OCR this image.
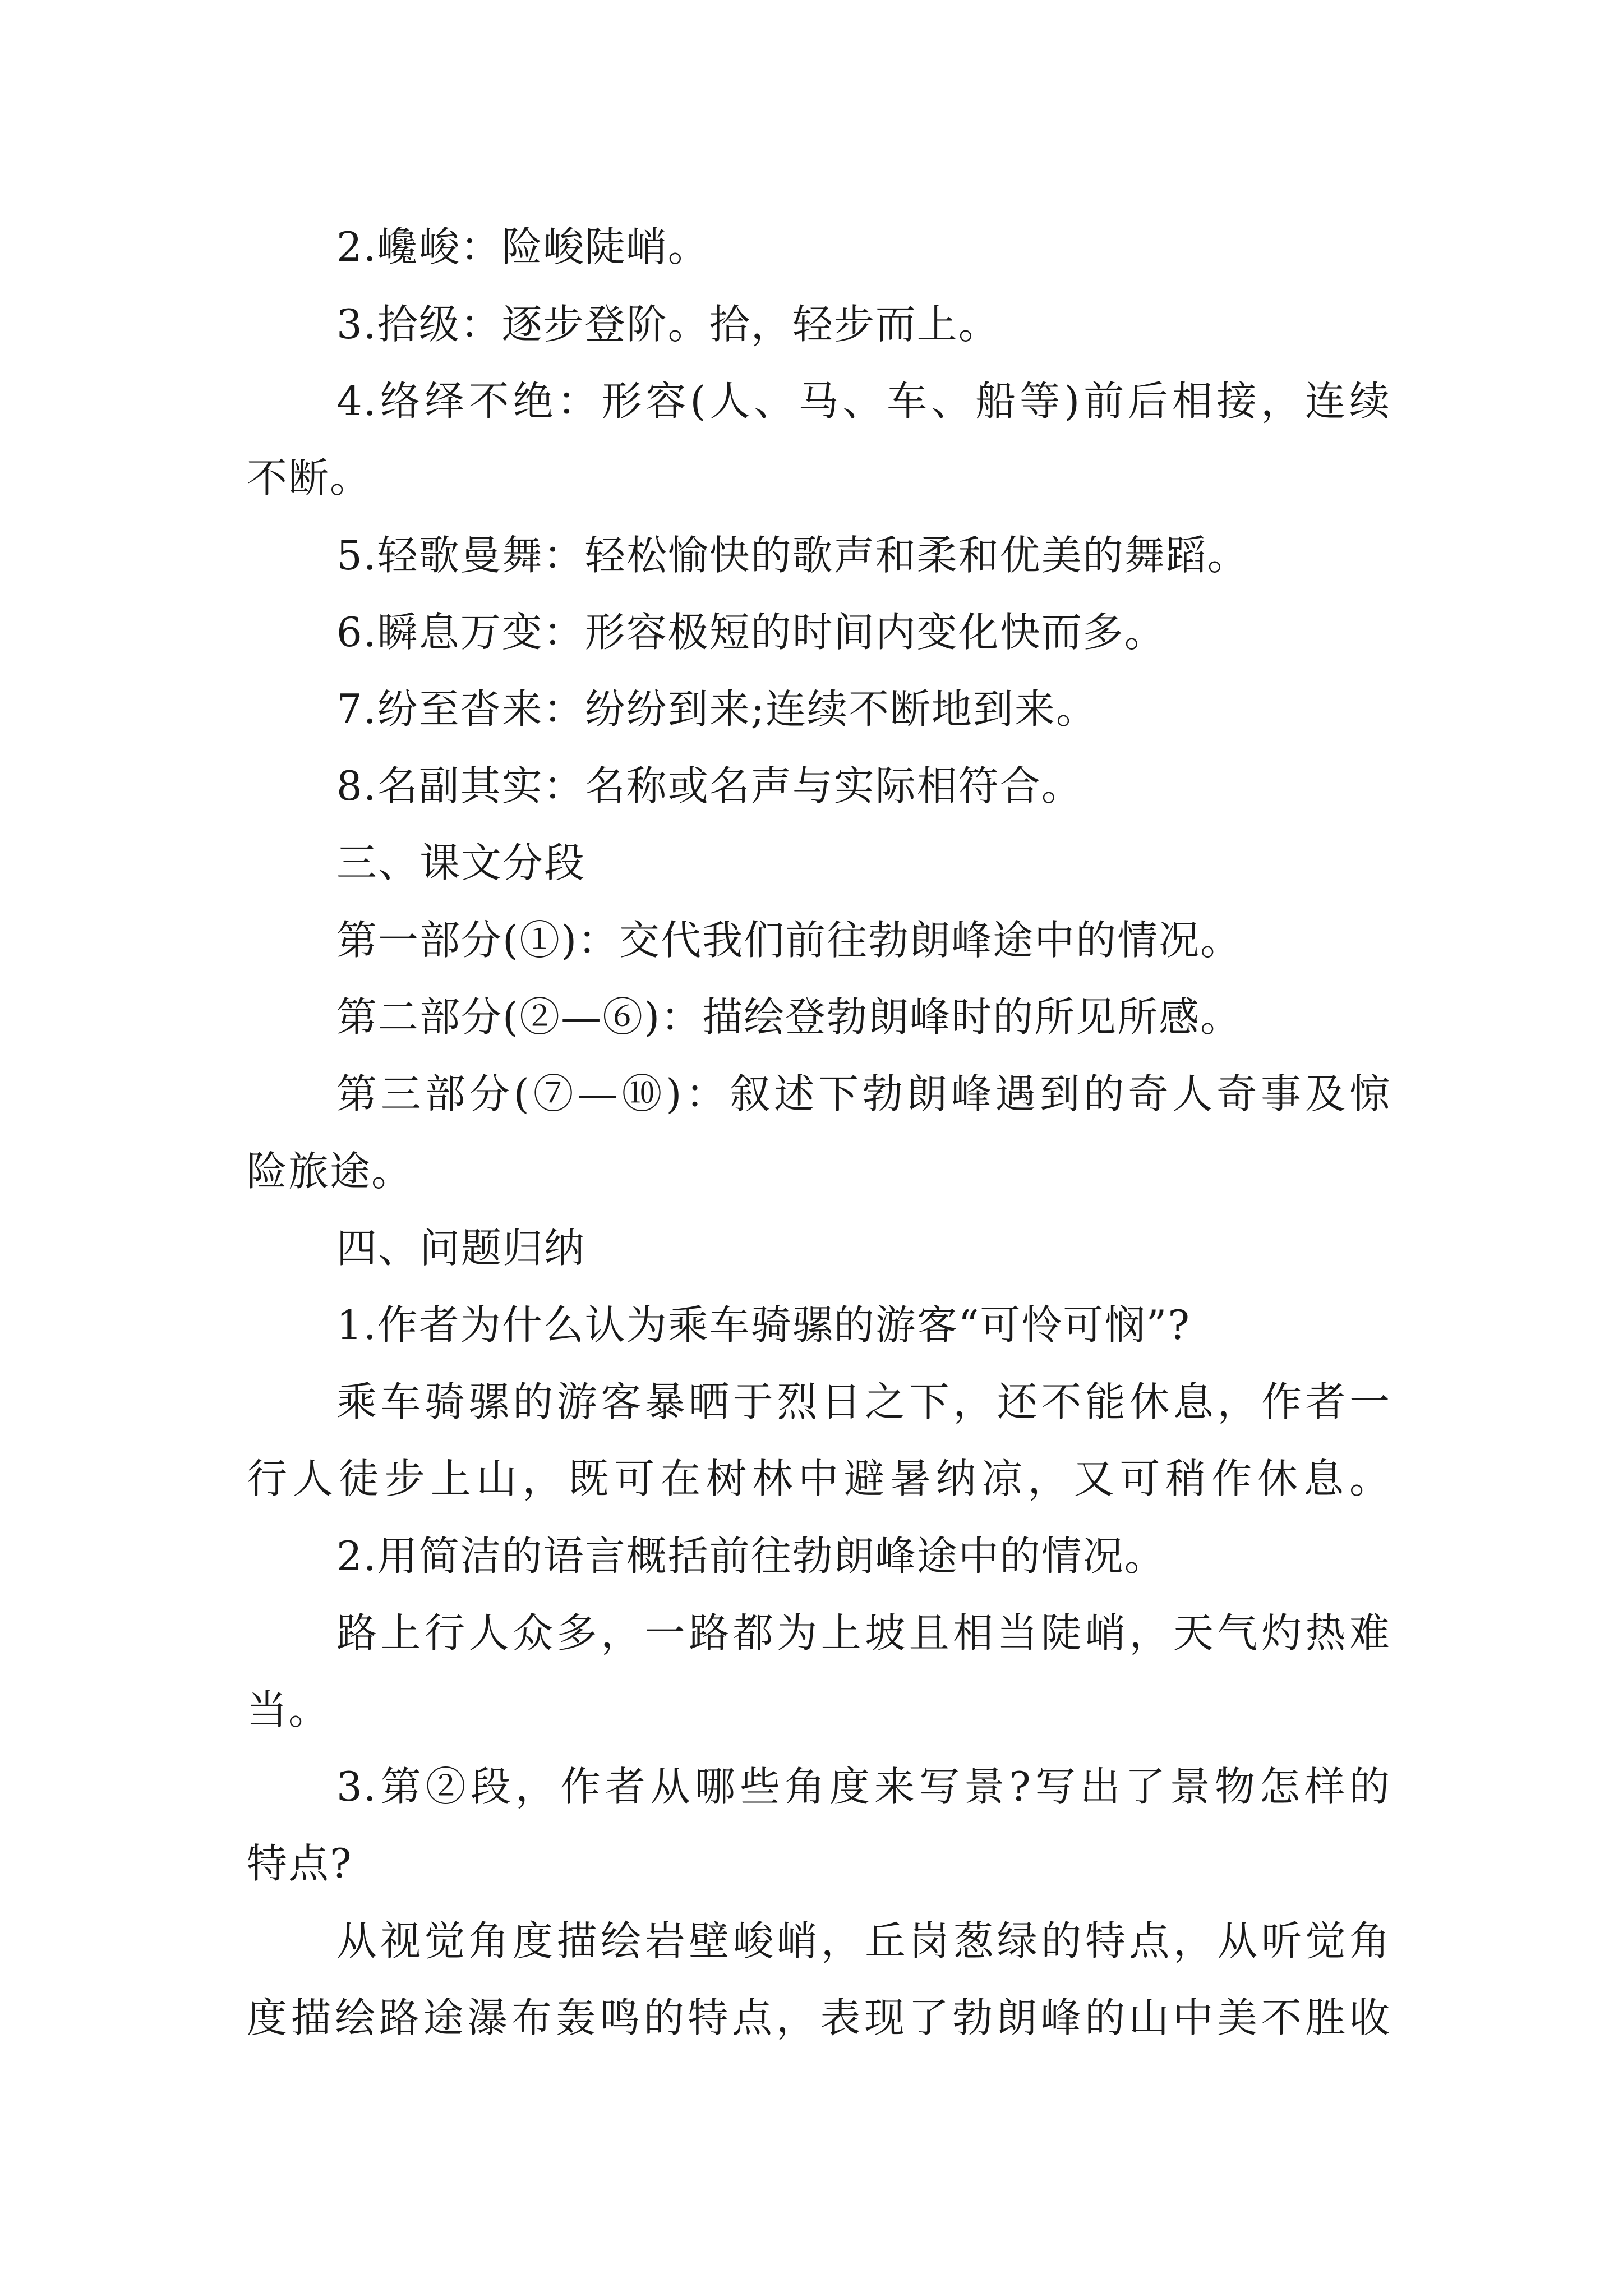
2.巉峻：险峻陡峭。
3.拾级：逐步登阶。拾，轻步而上。
4.络绎不绝：形容(人、马、车、船等)前后相接，连续
不断。
5.轻歌曼舞：轻松愉快的歌声和柔和优美的舞蹈。
6.瞬息万变：形容极短的时间内变化快而多。
7.纷至沓来：纷纷到来;连续不断地到来。
8.名副其实：名称或名声与实际相符合。
三、课文分段
第一部分(①)：交代我们前往勃朗峰途中的情况。
第二部分(②—⑥)：描绘登勃朗峰时的所见所感。
第三部分(⑦—⑩)：叙述下勃朗峰遇到的奇人奇事及惊
险旅途。
四、问题归纳
1.作者为什么认为乘车骑骡的游客“可怜可悯”?
乘车骑骡的游客暴晒于烈日之下，还不能休息，作者一
行人徒步上山，既可在树林中避暑纳凉，又可稍作休息。
2.用简洁的语言概括前往勃朗峰途中的情况。
路上行人众多，一路都为上坡且相当陡峭，天气灼热难
当。
3.第②段，作者从哪些角度来写景?写出了景物怎样的
特点?
从视觉角度描绘岩壁峻峭，丘岗葱绿的特点，从听觉角
度描绘路途瀑布轰鸣的特点，表现了勃朗峰的山中美不胜收
